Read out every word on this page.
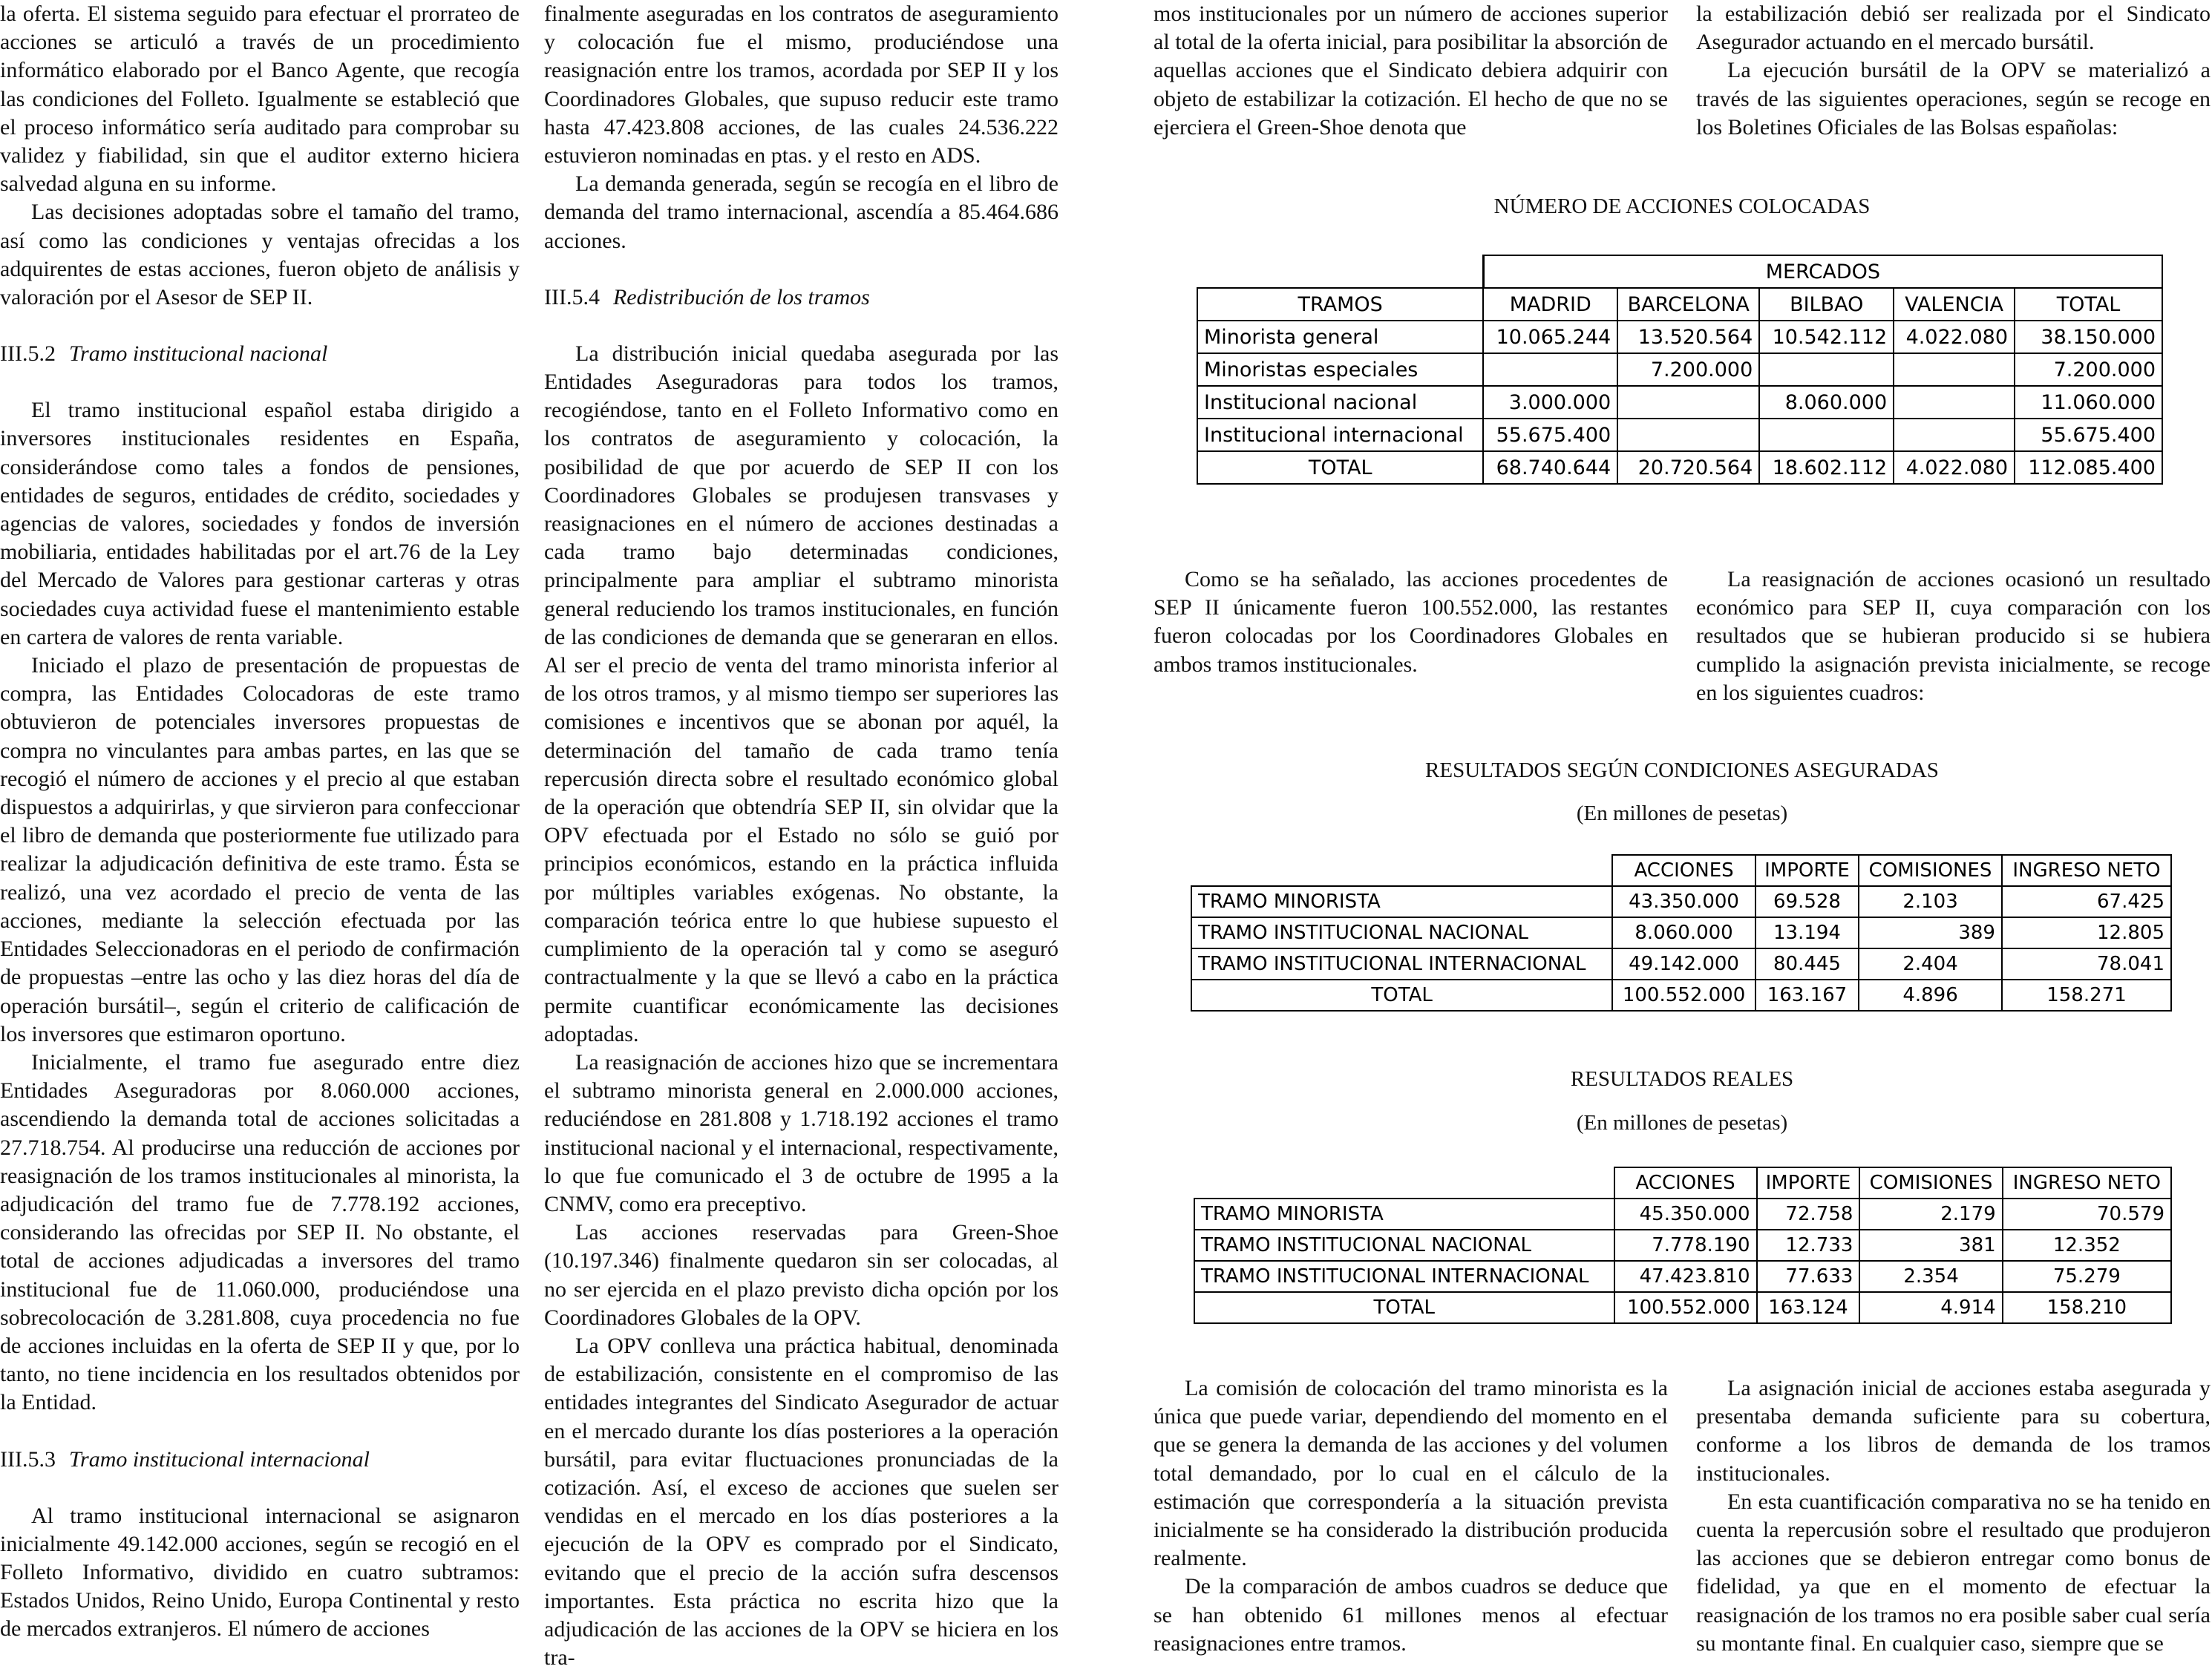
la oferta. El sistema seguido para efectuar el prorrateo de acciones se articuló a través de un procedimiento informático elaborado por el Banco Agente, que recogía las condiciones del Folleto. Igualmente se estableció que el proceso informático sería auditado para comprobar su validez y fiabilidad, sin que el auditor externo hiciera salvedad alguna en su informe.

Las decisiones adoptadas sobre el tamaño del tramo, así como las condiciones y ventajas ofrecidas a los adquirentes de estas acciones, fueron objeto de análisis y valoración por el Asesor de SEP II.

III.5.2 Tramo institucional nacional

El tramo institucional español estaba dirigido a inversores institucionales residentes en España, considerándose como tales a fondos de pensiones, entidades de seguros, entidades de crédito, sociedades y agencias de valores, sociedades y fondos de inversión mobiliaria, entidades habilitadas por el art.76 de la Ley del Mercado de Valores para gestionar carteras y otras sociedades cuya actividad fuese el mantenimiento estable en cartera de valores de renta variable.

Iniciado el plazo de presentación de propuestas de compra, las Entidades Colocadoras de este tramo obtuvieron de potenciales inversores propuestas de compra no vinculantes para ambas partes, en las que se recogió el número de acciones y el precio al que estaban dispuestos a adquirirlas, y que sirvieron para confeccionar el libro de demanda que posteriormente fue utilizado para realizar la adjudicación definitiva de este tramo. Ésta se realizó, una vez acordado el precio de venta de las acciones, mediante la selección efectuada por las Entidades Seleccionadoras en el periodo de confirmación de propuestas –entre las ocho y las diez horas del día de operación bursátil–, según el criterio de calificación de los inversores que estimaron oportuno.

Inicialmente, el tramo fue asegurado entre diez Entidades Aseguradoras por 8.060.000 acciones, ascendiendo la demanda total de acciones solicitadas a 27.718.754. Al producirse una reducción de acciones por reasignación de los tramos institucionales al minorista, la adjudicación del tramo fue de 7.778.192 acciones, considerando las ofrecidas por SEP II. No obstante, el total de acciones adjudicadas a inversores del tramo institucional fue de 11.060.000, produciéndose una sobrecolocación de 3.281.808, cuya procedencia no fue de acciones incluidas en la oferta de SEP II y que, por lo tanto, no tiene incidencia en los resultados obtenidos por la Entidad.

III.5.3 Tramo institucional internacional

Al tramo institucional internacional se asignaron inicialmente 49.142.000 acciones, según se recogió en el Folleto Informativo, dividido en cuatro subtramos: Estados Unidos, Reino Unido, Europa Continental y resto de mercados extranjeros. El número de acciones

finalmente aseguradas en los contratos de aseguramiento y colocación fue el mismo, produciéndose una reasignación entre los tramos, acordada por SEP II y los Coordinadores Globales, que supuso reducir este tramo hasta 47.423.808 acciones, de las cuales 24.536.222 estuvieron nominadas en ptas. y el resto en ADS.

La demanda generada, según se recogía en el libro de demanda del tramo internacional, ascendía a 85.464.686 acciones.

III.5.4 Redistribución de los tramos

La distribución inicial quedaba asegurada por las Entidades Aseguradoras para todos los tramos, recogiéndose, tanto en el Folleto Informativo como en los contratos de aseguramiento y colocación, la posibilidad de que por acuerdo de SEP II con los Coordinadores Globales se produjesen transvases y reasignaciones en el número de acciones destinadas a cada tramo bajo determinadas condiciones, principalmente para ampliar el subtramo minorista general reduciendo los tramos institucionales, en función de las condiciones de demanda que se generaran en ellos. Al ser el precio de venta del tramo minorista inferior al de los otros tramos, y al mismo tiempo ser superiores las comisiones e incentivos que se abonan por aquél, la determinación del tamaño de cada tramo tenía repercusión directa sobre el resultado económico global de la operación que obtendría SEP II, sin olvidar que la OPV efectuada por el Estado no sólo se guió por principios económicos, estando en la práctica influida por múltiples variables exógenas. No obstante, la comparación teórica entre lo que hubiese supuesto el cumplimiento de la operación tal y como se aseguró contractualmente y la que se llevó a cabo en la práctica permite cuantificar económicamente las decisiones adoptadas.

La reasignación de acciones hizo que se incrementara el subtramo minorista general en 2.000.000 acciones, reduciéndose en 281.808 y 1.718.192 acciones el tramo institucional nacional y el internacional, respectivamente, lo que fue comunicado el 3 de octubre de 1995 a la CNMV, como era preceptivo.

Las acciones reservadas para Green-Shoe (10.197.346) finalmente quedaron sin ser colocadas, al no ser ejercida en el plazo previsto dicha opción por los Coordinadores Globales de la OPV.

La OPV conlleva una práctica habitual, denominada de estabilización, consistente en el compromiso de las entidades integrantes del Sindicato Asegurador de actuar en el mercado durante los días posteriores a la operación bursátil, para evitar fluctuaciones pronunciadas de la cotización. Así, el exceso de acciones que suelen ser vendidas en el mercado en los días posteriores a la ejecución de la OPV es comprado por el Sindicato, evitando que el precio de la acción sufra descensos importantes. Esta práctica no escrita hizo que la adjudicación de las acciones de la OPV se hiciera en los tra-

mos institucionales por un número de acciones superior al total de la oferta inicial, para posibilitar la absorción de aquellas acciones que el Sindicato debiera adquirir con objeto de estabilizar la cotización. El hecho de que no se ejerciera el Green-Shoe denota que

la estabilización debió ser realizada por el Sindicato Asegurador actuando en el mercado bursátil.

La ejecución bursátil de la OPV se materializó a través de las siguientes operaciones, según se recoge en los Boletines Oficiales de las Bolsas españolas:

NÚMERO DE ACCIONES COLOCADAS
	MERCADOS				
TRAMOS	MADRID	BARCELONA	BILBAO	VALENCIA	TOTAL
Minorista general	10.065.244	13.520.564	10.542.112	4.022.080	38.150.000
Minoristas especiales		7.200.000			7.200.000
Institucional nacional	3.000.000		8.060.000		11.060.000
Institucional internacional	55.675.400				55.675.400
TOTAL	68.740.644	20.720.564	18.602.112	4.022.080	112.085.400

Como se ha señalado, las acciones procedentes de SEP II únicamente fueron 100.552.000, las restantes fueron colocadas por los Coordinadores Globales en ambos tramos institucionales.

La reasignación de acciones ocasionó un resultado económico para SEP II, cuya comparación con los resultados que se hubieran producido si se hubiera cumplido la asignación prevista inicialmente, se recoge en los siguientes cuadros:

RESULTADOS SEGÚN CONDICIONES ASEGURADAS
(En millones de pesetas)
	ACCIONES	IMPORTE	COMISIONES	INGRESO NETO
TRAMO MINORISTA	43.350.000	69.528	2.103	67.425
TRAMO INSTITUCIONAL NACIONAL	8.060.000	13.194	389	12.805
TRAMO INSTITUCIONAL INTERNACIONAL	49.142.000	80.445	2.404	78.041
TOTAL	100.552.000	163.167	4.896	158.271
RESULTADOS REALES
(En millones de pesetas)
	ACCIONES	IMPORTE	COMISIONES	INGRESO NETO
TRAMO MINORISTA	45.350.000	72.758	2.179	70.579
TRAMO INSTITUCIONAL NACIONAL	7.778.190	12.733	381	12.352
TRAMO INSTITUCIONAL INTERNACIONAL	47.423.810	77.633	2.354	75.279
TOTAL	100.552.000	163.124	4.914	158.210

La comisión de colocación del tramo minorista es la única que puede variar, dependiendo del momento en el que se genera la demanda de las acciones y del volumen total demandado, por lo cual en el cálculo de la estimación que correspondería a la situación prevista inicialmente se ha considerado la distribución producida realmente.

De la comparación de ambos cuadros se deduce que se han obtenido 61 millones menos al efectuar reasignaciones entre tramos.

La asignación inicial de acciones estaba asegurada y presentaba demanda suficiente para su cobertura, conforme a los libros de demanda de los tramos institucionales.

En esta cuantificación comparativa no se ha tenido en cuenta la repercusión sobre el resultado que produjeron las acciones que se debieron entregar como bonus de fidelidad, ya que en el momento de efectuar la reasignación de los tramos no era posible saber cual sería su montante final. En cualquier caso, siempre que se
